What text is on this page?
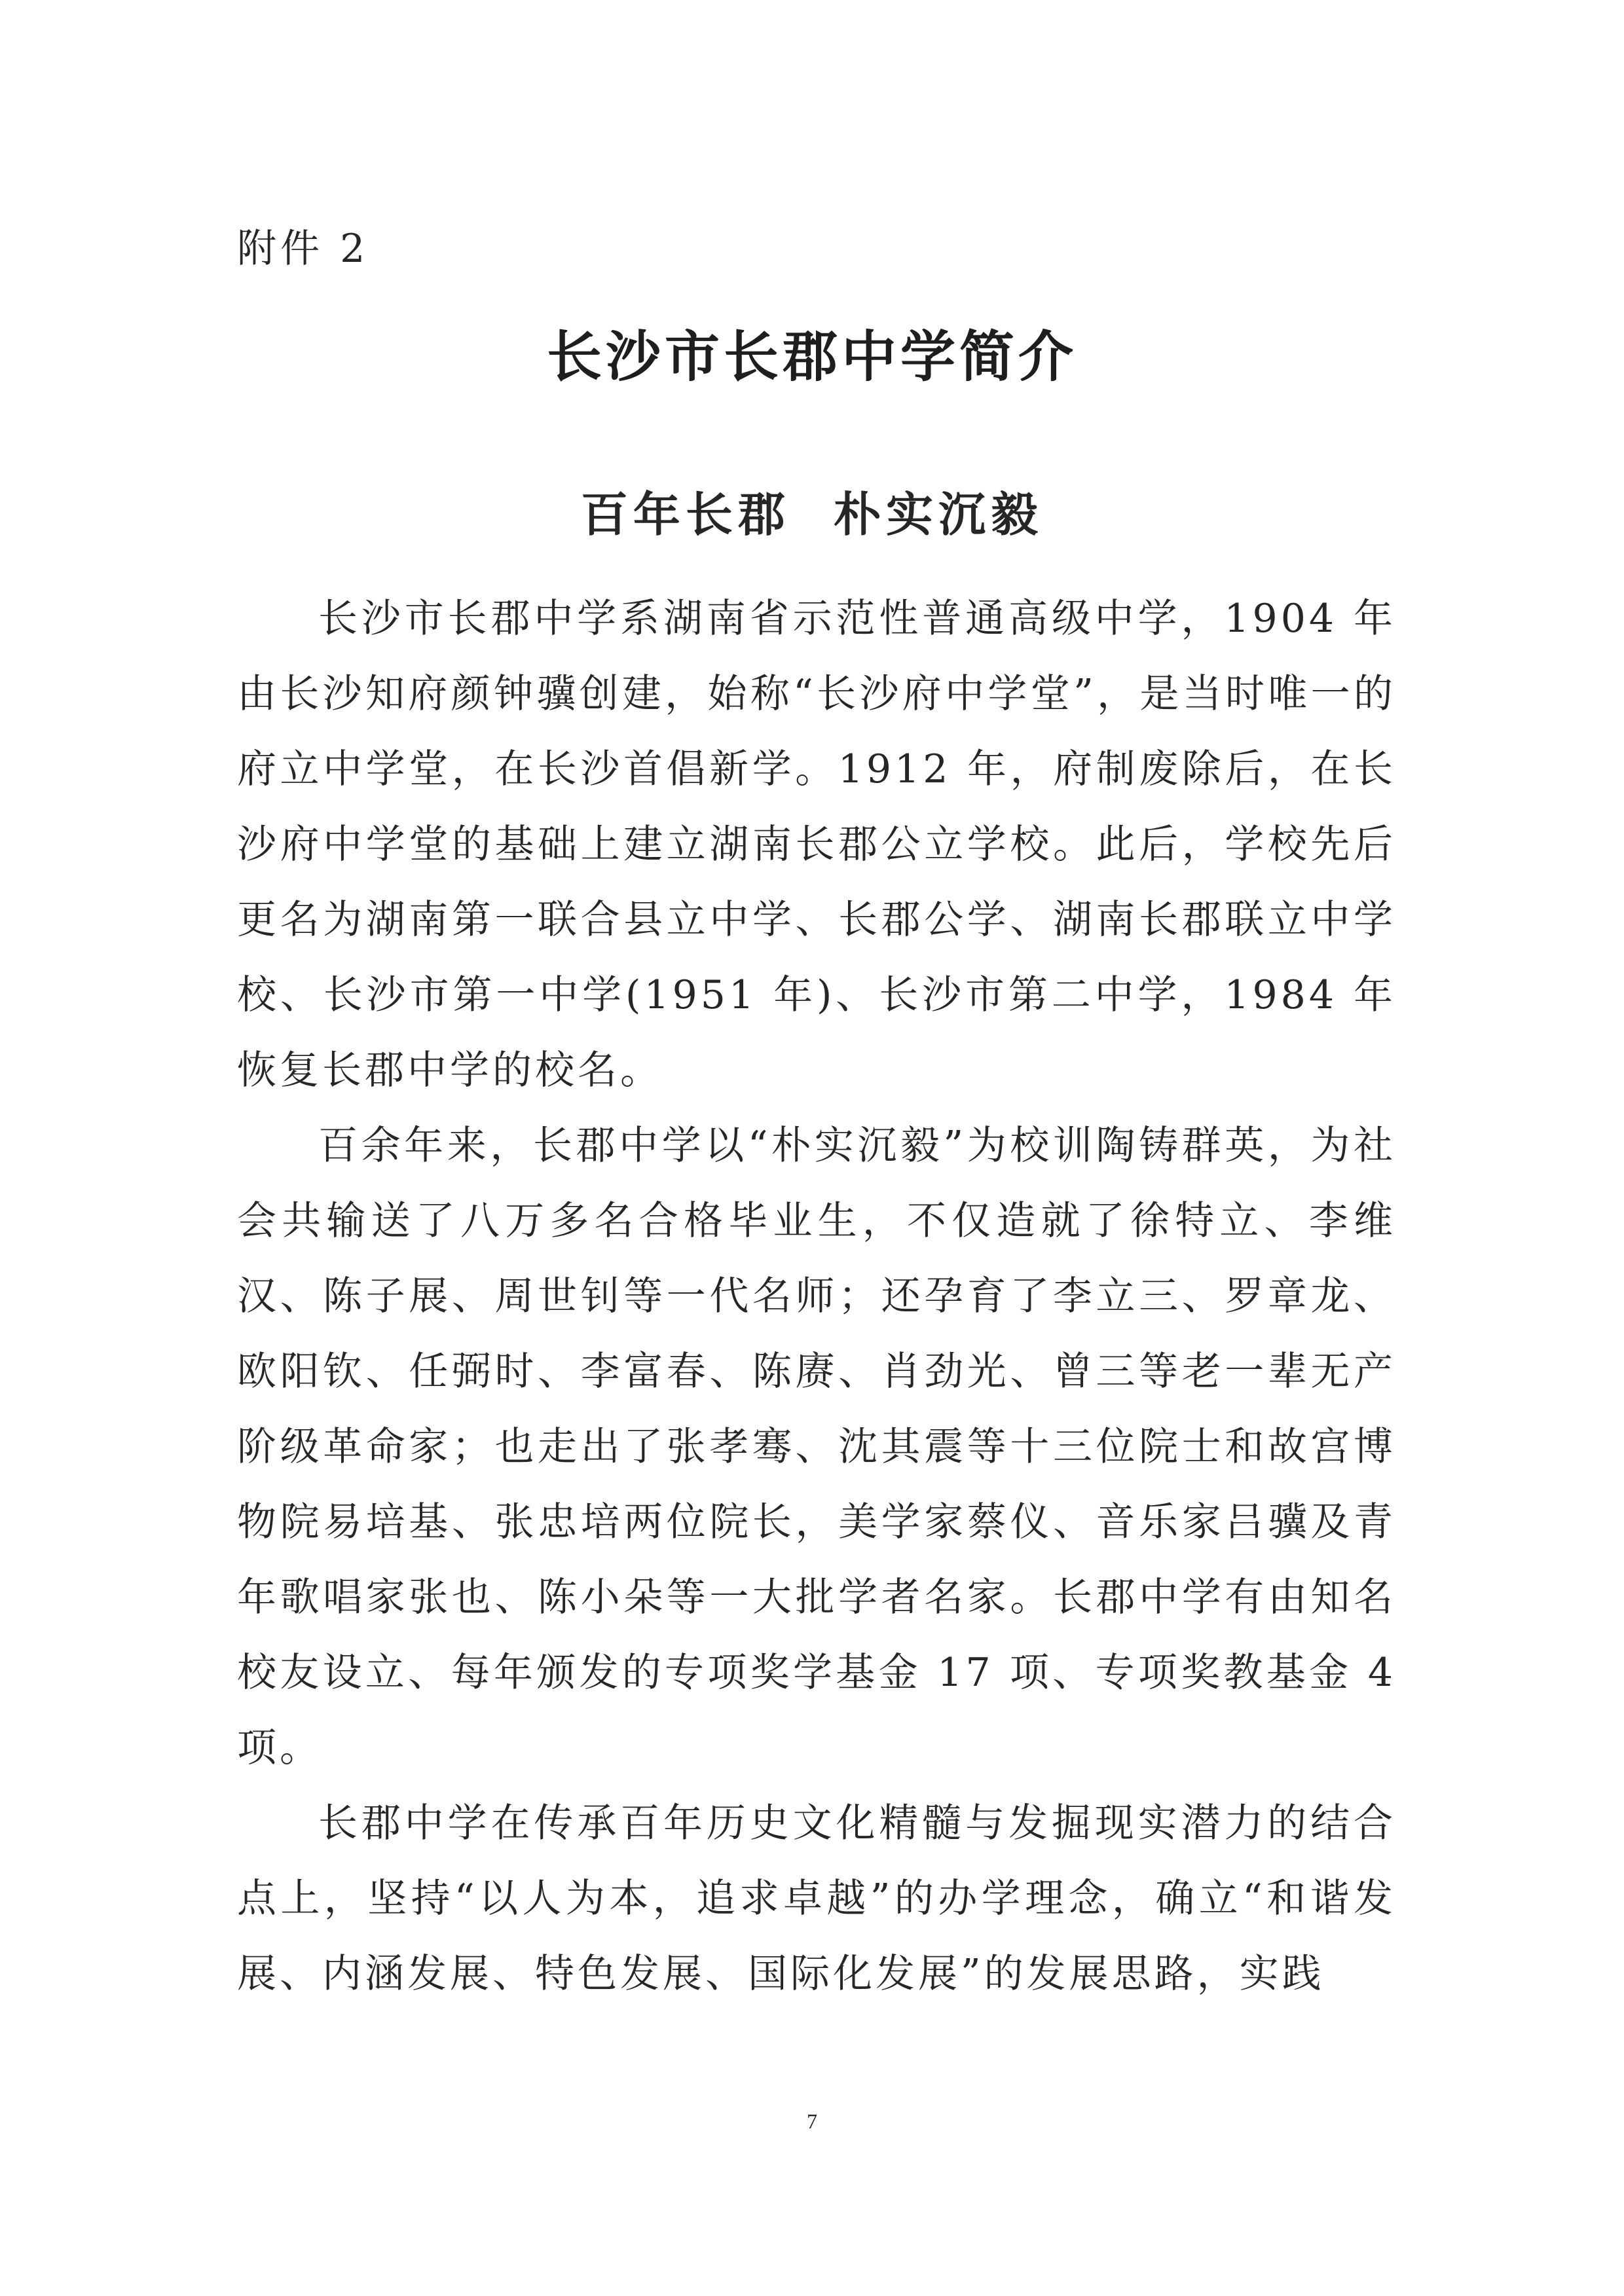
附件 2

长沙市长郡中学简介
百年长郡  朴实沉毅

长沙市长郡中学系湖南省示范性普通高级中学，1904 年由长沙知府颜钟骥创建，始称“长沙府中学堂”，是当时唯一的府立中学堂，在长沙首倡新学。1912 年，府制废除后，在长沙府中学堂的基础上建立湖南长郡公立学校。此后，学校先后更名为湖南第一联合县立中学、长郡公学、湖南长郡联立中学校、长沙市第一中学(1951 年)、长沙市第二中学，1984 年恢复长郡中学的校名。

百余年来，长郡中学以“朴实沉毅”为校训陶铸群英，为社会共输送了八万多名合格毕业生，不仅造就了徐特立、李维汉、陈子展、周世钊等一代名师；还孕育了李立三、罗章龙、欧阳钦、任弼时、李富春、陈赓、肖劲光、曾三等老一辈无产阶级革命家；也走出了张孝骞、沈其震等十三位院士和故宫博物院易培基、张忠培两位院长，美学家蔡仪、音乐家吕骥及青年歌唱家张也、陈小朵等一大批学者名家。长郡中学有由知名校友设立、每年颁发的专项奖学基金 17 项、专项奖教基金 4 项。

长郡中学在传承百年历史文化精髓与发掘现实潜力的结合点上，坚持“以人为本，追求卓越”的办学理念，确立“和谐发展、内涵发展、特色发展、国际化发展”的发展思路，实践

7
